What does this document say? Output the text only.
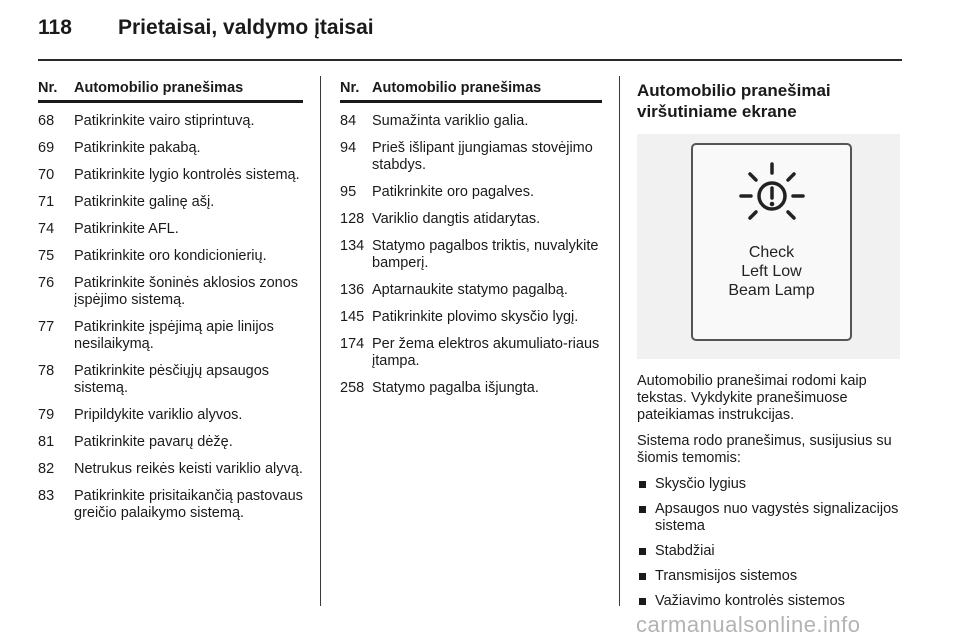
118 Prietaisai, valdymo įtaisai
Nr. Automobilio pranešimas
68 Patikrinkite vairo stiprintuvą.
69 Patikrinkite pakabą.
70 Patikrinkite lygio kontrolės sistemą.
71 Patikrinkite galinę ašį.
74 Patikrinkite AFL.
75 Patikrinkite oro kondicionierių.
76 Patikrinkite šoninės aklosios zonos įspėjimo sistemą.
77 Patikrinkite įspėjimą apie linijos nesilaikymą.
78 Patikrinkite pėsčiųjų apsaugos sistemą.
79 Pripildykite variklio alyvos.
81 Patikrinkite pavarų dėžę.
82 Netrukus reikės keisti variklio alyvą.
83 Patikrinkite prisitaikančią pastovaus greičio palaikymo sistemą.
Nr. Automobilio pranešimas
84 Sumažinta variklio galia.
94 Prieš išlipant įjungiamas stovėjimo stabdys.
95 Patikrinkite oro pagalves.
128 Variklio dangtis atidarytas.
134 Statymo pagalbos triktis, nuvalykite bamperį.
136 Aptarnaukite statymo pagalbą.
145 Patikrinkite plovimo skysčio lygį.
174 Per žema elektros akumuliato-riaus įtampa.
258 Statymo pagalba išjungta.
Automobilio pranešimai viršutiniame ekrane
Check
Left Low
Beam Lamp
Automobilio pranešimai rodomi kaip tekstas. Vykdykite pranešimuose pateikiamas instrukcijas.
Sistema rodo pranešimus, susijusius su šiomis temomis:
Skysčio lygius
Apsaugos nuo vagystės signalizacijos sistema
Stabdžiai
Transmisijos sistemos
Važiavimo kontrolės sistemos
carmanualsonline.info
